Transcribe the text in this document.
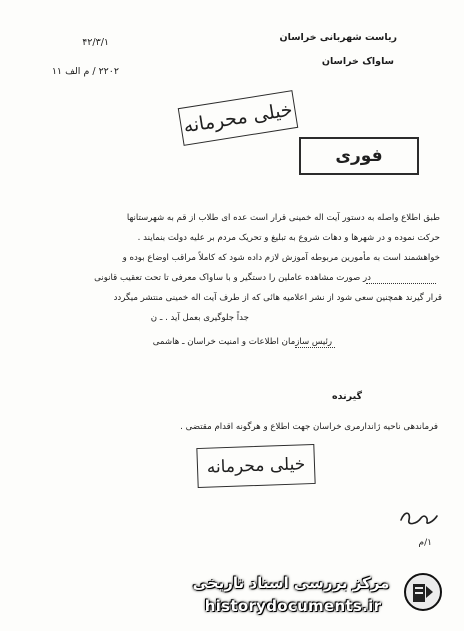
ریاست شهربانی خراسان
ساواک خراسان
۴۲/۳/۱
۲۲۰۲ / م الف ۱۱
خیلی محرمانه
فوری
طبق اطلاع واصله به دستور آیت اله خمینی قرار است عده ای طلاب از قم به شهرستانها
حرکت نموده و در شهرها و دهات شروع به تبلیغ و تحریک مردم بر علیه دولت بنمایند .
خواهشمند است به مأمورین مربوطه آموزش لازم داده شود که کاملاً مراقب اوضاع بوده و
در صورت مشاهده عاملین را دستگیر و با ساواک معرفی تا تحت تعقیب قانونی
قرار گیرند همچنین سعی شود از نشر اعلامیه هائی که از طرف آیت اله خمینی منتشر میگردد
جداً جلوگیری بعمل آید . ـ ن
رئیس سازمان اطلاعات و امنیت خراسان ـ هاشمی
گیرنده
فرماندهی ناحیه ژاندارمری خراسان جهت اطلاع و هرگونه اقدام مقتضی .
خیلی محرمانه
۱/م
مرکز بررسی اسناد تاریخی
historydocuments.ir
